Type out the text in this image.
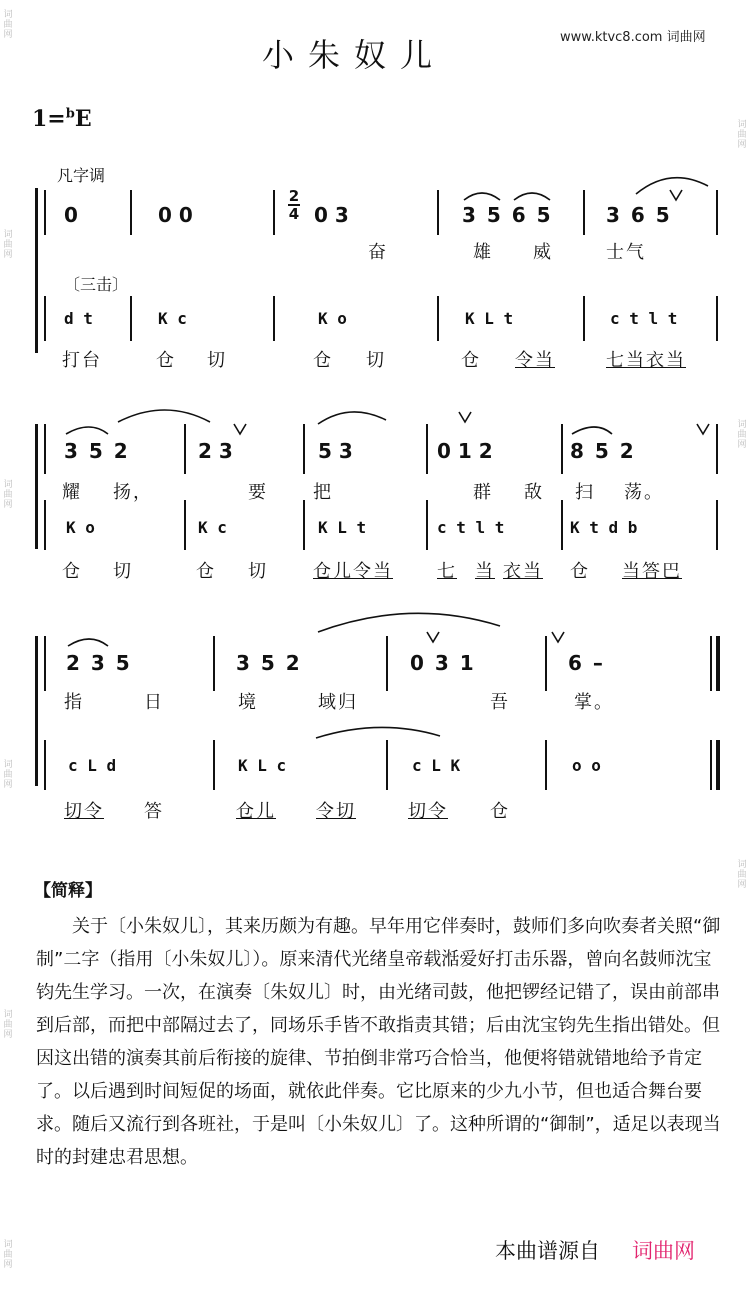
词曲网
词曲网
词曲网
词曲网
词曲网
词曲网
词曲网
词曲网
词曲网
小朱奴儿	www.ktvc8.com 词曲网
1=$^b$E
凡字调
0	0 0
2
4 0 3	3 5 6 5	3 6 5
奋	雄 威	士气
〔三击〕
d t	K c	K o	K L t	c t l t
打台	仓 切	仓 切	仓 令当	七当衣当
3 5 2	2 3	5 3	0 1 2	8 5 2
耀 扬，	要	把	群 敌 扫 荡。
K o	K c	K L t	c t l t	K t d b
仓 切	仓 切	仓儿令当 七 当 衣当 仓 当答巴
2 3 5	3 5 2	0 3 1	6 –
指	日	境	域归	吾	掌。
c L d	K L c	c L K	o o
切令 答	仓儿 令切	切令 仓
【简释】
关于〔小朱奴儿〕，其来历颇为有趣。早年用它伴奏时，鼓师们多向吹奏者关照“御制”二字（指用〔小朱奴儿〕）。原来清代光绪皇帝载湉爱好打击乐器，曾向名鼓师沈宝钧先生学习。一次，在演奏〔朱奴儿〕时，由光绪司鼓，他把锣经记错了，误由前部串到后部，而把中部隔过去了，同场乐手皆不敢指责其错；后由沈宝钧先生指出错处。但因这出错的演奏其前后衔接的旋律、节拍倒非常巧合恰当，他便将错就错地给予肯定了。以后遇到时间短促的场面，就依此伴奏。它比原来的少九小节，但也适合舞台要求。随后又流行到各班社，于是叫〔小朱奴儿〕了。这种所谓的“御制”，适足以表现当时的封建忠君思想。
本曲谱源自 词曲网
